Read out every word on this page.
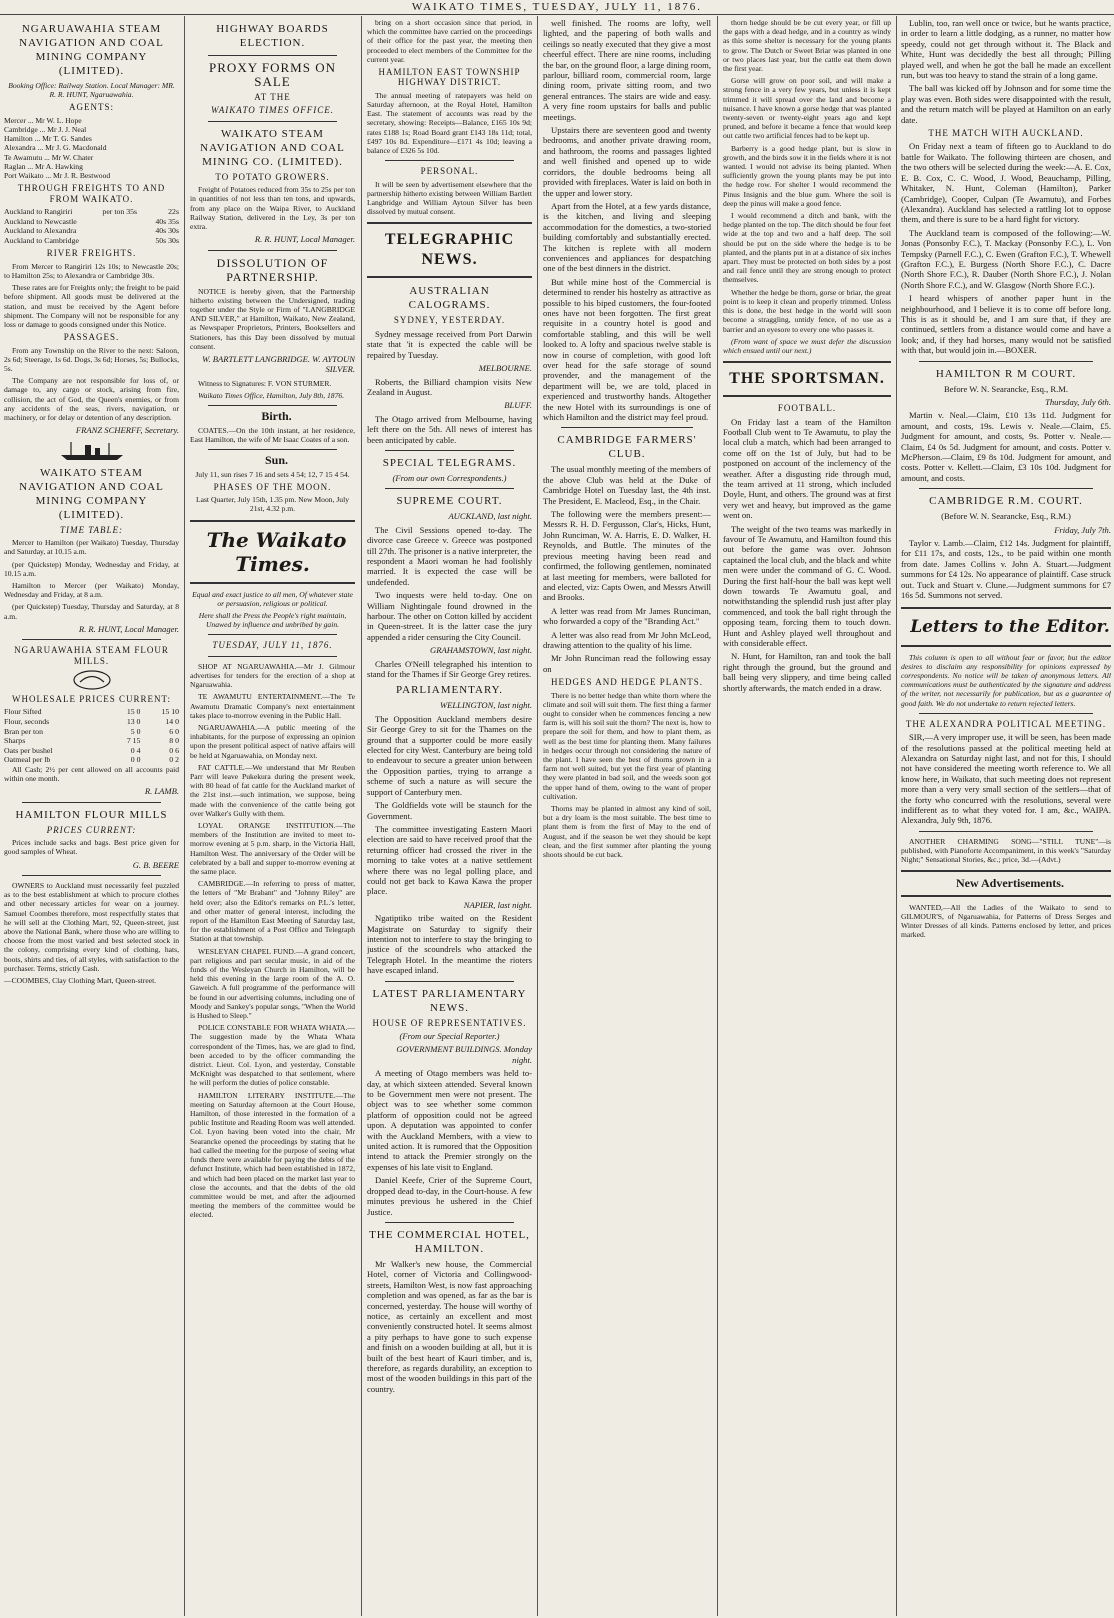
WAIKATO TIMES, TUESDAY, JULY 11, 1876.

NGARUAWAHIA STEAM NAVIGATION AND COAL MINING COMPANY (LIMITED).

Booking Office: Railway Station. Local Manager: MR. R. R. HUNT, Ngaruawahia.

AGENTS:

Mercer ... Mr W. L. Hope
Cambridge ... Mr J. J. Neal
Hamilton ... Mr T. G. Sandes
Alexandra ... Mr J. G. Macdonald
Te Awamutu ... Mr W. Chater
Raglan ... Mr A. Hawking
Port Waikato ... Mr J. R. Bestwood

THROUGH FREIGHTS TO AND FROM WAIKATO.

Auckland to Rangiriri	per ton 35s	22s
Auckland to Newcastle		40s 35s
Auckland to Alexandra		40s 30s
Auckland to Cambridge		50s 30s

RIVER FREIGHTS.

From Mercer to Rangiriri 12s 10s; to Newcastle 20s; to Hamilton 25s; to Alexandra or Cambridge 30s.

These rates are for Freights only; the freight to be paid before shipment. All goods must be delivered at the station, and must be received by the Agent before shipment. The Company will not be responsible for any loss or damage to goods consigned under this Notice.

PASSAGES.

From any Township on the River to the next: Saloon, 2s 6d; Steerage, 1s 6d. Dogs, 3s 6d; Horses, 5s; Bullocks, 5s.

The Company are not responsible for loss of, or damage to, any cargo or stock, arising from fire, collision, the act of God, the Queen's enemies, or from any accidents of the seas, rivers, navigation, or machinery, or for delay or detention of any description.

FRANZ SCHERFF, Secretary.

WAIKATO STEAM NAVIGATION AND COAL MINING COMPANY (LIMITED).

TIME TABLE:

Mercer to Hamilton (per Waikato) Tuesday, Thursday and Saturday, at 10.15 a.m.

(per Quickstep) Monday, Wednesday and Friday, at 10.15 a.m.

Hamilton to Mercer (per Waikato) Monday, Wednesday and Friday, at 8 a.m.

(per Quickstep) Tuesday, Thursday and Saturday, at 8 a.m.

R. R. HUNT, Local Manager.

NGARUAWAHIA STEAM FLOUR MILLS.

WHOLESALE PRICES CURRENT:

Flour Sifted	15 0	15 10
Flour, seconds	13 0	14 0
Bran per ton	5 0	6 0
Sharps	7 15	8 0
Oats per bushel	0 4	0 6
Oatmeal per lb	0 0	0 2

All Cash; 2½ per cent allowed on all accounts paid within one month.

R. LAMB.

HAMILTON FLOUR MILLS

PRICES CURRENT:

Prices include sacks and bags. Best price given for good samples of Wheat.

G. B. BEERE

OWNERS to Auckland must necessarily feel puzzled as to the best establishment at which to procure clothes and other necessary articles for wear on a journey. Samuel Coombes therefore, most respectfully states that he will sell at the Clothing Mart, 92, Queen-street, just above the National Bank, where those who are willing to choose from the most varied and best selected stock in the colony, comprising every kind of clothing, hats, boots, shirts and ties, of all styles, with satisfaction to the purchaser. Terms, strictly Cash.

—COOMBES, Clay Clothing Mart, Queen-street.

HIGHWAY BOARDS ELECTION.

PROXY FORMS ON SALE

AT THE

WAIKATO TIMES OFFICE.

WAIKATO STEAM NAVIGATION AND COAL MINING CO. (LIMITED).

TO POTATO GROWERS.

Freight of Potatoes reduced from 35s to 25s per ton in quantities of not less than ten tons, and upwards, from any place on the Waipa River, to Auckland Railway Station, delivered in the Ley, 3s per ton extra.

R. R. HUNT, Local Manager.

DISSOLUTION OF PARTNERSHIP.

NOTICE is hereby given, that the Partnership hitherto existing between the Undersigned, trading together under the Style or Firm of "LANGBRIDGE AND SILVER," at Hamilton, Waikato, New Zealand, as Newspaper Proprietors, Printers, Booksellers and Stationers, has this Day been dissolved by mutual consent.

W. BARTLETT LANGBRIDGE. W. AYTOUN SILVER.

Witness to Signatures: F. VON STURMER.

Waikato Times Office, Hamilton, July 8th, 1876.

Birth.

COATES.—On the 10th instant, at her residence, East Hamilton, the wife of Mr Isaac Coates of a son.

Sun.

July 11, sun rises 7 16 and sets 4 54; 12, 7 15 4 54.

PHASES OF THE MOON.

Last Quarter, July 15th, 1.35 pm. New Moon, July 21st, 4.32 p.m.

The Waikato Times.

Equal and exact justice to all men, Of whatever state or persuasion, religious or political.

Here shall the Press the People's right maintain, Unawed by influence and unbribed by gain.

TUESDAY, JULY 11, 1876.

SHOP AT NGARUAWAHIA.—Mr J. Gilmour advertises for tenders for the erection of a shop at Ngaruawahia.

TE AWAMUTU ENTERTAINMENT.—The Te Awamutu Dramatic Company's next entertainment takes place to-morrow evening in the Public Hall.

NGARUAWAHIA.—A public meeting of the inhabitants, for the purpose of expressing an opinion upon the present political aspect of native affairs will be held at Ngaruawahia, on Monday next.

FAT CATTLE.—We understand that Mr Reuben Parr will leave Pukekura during the present week, with 80 head of fat cattle for the Auckland market of the 21st inst.—such intimation, we suppose, being made with the convenience of the cattle being got over Walker's Gully with them.

LOYAL ORANGE INSTITUTION.—The members of the Institution are invited to meet to-morrow evening at 5 p.m. sharp, in the Victoria Hall, Hamilton West. The anniversary of the Order will be celebrated by a ball and supper to-morrow evening at the same place.

CAMBRIDGE.—In referring to press of matter, the letters of "Mr Brabant" and "Johnny Riley" are held over; also the Editor's remarks on P.L.'s letter, and other matter of general interest, including the report of the Hamilton East Meeting of Saturday last, for the establishment of a Post Office and Telegraph Station at that township.

WESLEYAN CHAPEL FUND.—A grand concert, part religious and part secular music, in aid of the funds of the Wesleyan Church in Hamilton, will be held this evening in the large room of the A. O. Gaweich. A full programme of the performance will be found in our advertising columns, including one of Moody and Sankey's popular songs, "When the World is Hushed to Sleep."

POLICE CONSTABLE FOR WHATA WHATA.—The suggestion made by the Whata Whata correspondent of the Times, has, we are glad to find, been acceded to by the officer commanding the district. Lieut. Col. Lyon, and yesterday, Constable McKnight was despatched to that settlement, where he will perform the duties of police constable.

HAMILTON LITERARY INSTITUTE.—The meeting on Saturday afternoon at the Court House, Hamilton, of those interested in the formation of a public Institute and Reading Room was well attended. Col. Lyon having been voted into the chair, Mr Searancke opened the proceedings by stating that he had called the meeting for the purpose of seeing what funds there were available for paying the debts of the defunct Institute, which had been established in 1872, and which had been placed on the market last year to close the accounts, and that the debts of the old committee would be met, and after the adjourned meeting the members of the committee would be elected.

bring on a short occasion since that period, in which the committee have carried on the proceedings of their office for the past year, the meeting then proceeded to elect members of the Committee for the current year.

HAMILTON EAST TOWNSHIP HIGHWAY DISTRICT.

The annual meeting of ratepayers was held on Saturday afternoon, at the Royal Hotel, Hamilton East. The statement of accounts was read by the secretary, showing: Receipts—Balance, £165 10s 9d; rates £188 1s; Road Board grant £143 18s 11d; total, £497 10s 8d. Expenditure—£171 4s 10d; leaving a balance of £326 5s 10d.

PERSONAL.

It will be seen by advertisement elsewhere that the partnership hitherto existing between William Bartlett Langbridge and William Aytoun Silver has been dissolved by mutual consent.

TELEGRAPHIC NEWS.

AUSTRALIAN CALOGRAMS.

SYDNEY, YESTERDAY.

Sydney message received from Port Darwin state that 'it is expected the cable will be repaired by Tuesday.

MELBOURNE.

Roberts, the Billiard champion visits New Zealand in August.

BLUFF.

The Otago arrived from Melbourne, having left there on the 5th. All news of interest has been anticipated by cable.

SPECIAL TELEGRAMS.

(From our own Correspondents.)

SUPREME COURT.

AUCKLAND, last night.

The Civil Sessions opened to-day. The divorce case Greece v. Greece was postponed till 27th. The prisoner is a native interpreter, the respondent a Maori woman he had foolishly married. It is expected the case will be undefended.

Two inquests were held to-day. One on William Nightingale found drowned in the harbour. The other on Cotton killed by accident in Queen-street. It is the latter case the jury appended a rider censuring the City Council.

GRAHAMSTOWN, last night.

Charles O'Neill telegraphed his intention to stand for the Thames if Sir George Grey retires.

PARLIAMENTARY.

WELLINGTON, last night.

The Opposition Auckland members desire Sir George Grey to sit for the Thames on the ground that a supporter could be more easily elected for city West. Canterbury are being told to endeavour to secure a greater union between the Opposition parties, trying to arrange a scheme of such a nature as will secure the support of Canterbury men.

The Goldfields vote will be staunch for the Government.

The committee investigating Eastern Maori election are said to have received proof that the returning officer had crossed the river in the morning to take votes at a native settlement where there was no legal polling place, and could not get back to Kawa Kawa the proper place.

NAPIER, last night.

Ngatiptiko tribe waited on the Resident Magistrate on Saturday to signify their intention not to interfere to stay the bringing to justice of the scoundrels who attacked the Telegraph Hotel. In the meantime the rioters have escaped inland.

LATEST PARLIAMENTARY NEWS.

HOUSE OF REPRESENTATIVES.

(From our Special Reporter.)

GOVERNMENT BUILDINGS. Monday night.

A meeting of Otago members was held to-day, at which sixteen attended. Several known to be Government men were not present. The object was to see whether some common platform of opposition could not be agreed upon. A deputation was appointed to confer with the Auckland Members, with a view to united action. It is rumored that the Opposition intend to attack the Premier strongly on the expenses of his late visit to England.

Daniel Keefe, Crier of the Supreme Court, dropped dead to-day, in the Court-house. A few minutes previous he ushered in the Chief Justice.

THE COMMERCIAL HOTEL, HAMILTON.

Mr Walker's new house, the Commercial Hotel, corner of Victoria and Collingwood-streets, Hamilton West, is now fast approaching completion and was opened, as far as the bar is concerned, yesterday. The house will worthy of notice, as certainly an excellent and most conveniently constructed hotel. It seems almost a pity perhaps to have gone to such expense and finish on a wooden building at all, but it is built of the best heart of Kauri timber, and is, therefore, as regards durability, an exception to most of the wooden buildings in this part of the country.

well finished. The rooms are lofty, well lighted, and the papering of both walls and ceilings so neatly executed that they give a most cheerful effect. There are nine rooms, including the bar, on the ground floor, a large dining room, parlour, billiard room, commercial room, large dining room, private sitting room, and two general entrances. The stairs are wide and easy. A very fine room upstairs for balls and public meetings.

Upstairs there are seventeen good and twenty bedrooms, and another private drawing room, and bathroom, the rooms and passages lighted and well finished and opened up to wide corridors, the double bedrooms being all provided with fireplaces. Water is laid on both in the upper and lower story.

Apart from the Hotel, at a few yards distance, is the kitchen, and living and sleeping accommodation for the domestics, a two-storied building comfortably and substantially erected. The kitchen is replete with all modern conveniences and appliances for despatching one of the best dinners in the district.

But while mine host of the Commercial is determined to render his hostelry as attractive as possible to his biped customers, the four-footed ones have not been forgotten. The first great requisite in a country hotel is good and comfortable stabling, and this will be well looked to. A lofty and spacious twelve stable is now in course of completion, with good loft over head for the safe storage of sound provender, and the management of the department will be, we are told, placed in experienced and trustworthy hands. Altogether the new Hotel with its surroundings is one of which Hamilton and the district may feel proud.

CAMBRIDGE FARMERS' CLUB.

The usual monthly meeting of the members of the above Club was held at the Duke of Cambridge Hotel on Tuesday last, the 4th inst. The President, E. Macleod, Esq., in the Chair.

The following were the members present:—Messrs R. H. D. Fergusson, Clar's, Hicks, Hunt, John Runciman, W. A. Harris, E. D. Walker, H. Reynolds, and Buttle. The minutes of the previous meeting having been read and confirmed, the following gentlemen, nominated at last meeting for members, were balloted for and elected, viz: Capts Owen, and Messrs Atwill and Brooks.

A letter was read from Mr James Runciman, who forwarded a copy of the "Branding Act."

A letter was also read from Mr John McLeod, drawing attention to the quality of his lime.

Mr John Runciman read the following essay on

HEDGES AND HEDGE PLANTS.

There is no better hedge than white thorn where the climate and soil will suit them. The first thing a farmer ought to consider when he commences fencing a new farm is, will his soil suit the thorn? The next is, how to prepare the soil for them, and how to plant them, as well as the best time for planting them. Many failures in hedges occur through not considering the nature of the plant. I have seen the best of thorns grown in a farm not well suited, but yet the first year of planting they were planted in bad soil, and the weeds soon got the upper hand of them, owing to the want of proper cultivation.

Thorns may be planted in almost any kind of soil, but a dry loam is the most suitable. The best time to plant them is from the first of May to the end of August, and if the season be wet they should be kept clean, and the first summer after planting the young shoots should be cut back.

thorn hedge should be be cut every year, or fill up the gaps with a dead hedge, and in a country as windy as this some shelter is necessary for the young plants to grow. The Dutch or Sweet Briar was planted in one or two places last year, but the cattle eat them down the first year.

Gorse will grow on poor soil, and will make a strong fence in a very few years, but unless it is kept trimmed it will spread over the land and become a nuisance. I have known a gorse hedge that was planted twenty-seven or twenty-eight years ago and kept pruned, and before it became a fence that would keep out cattle two artificial fences had to be kept up.

Barberry is a good hedge plant, but is slow in growth, and the birds sow it in the fields where it is not wanted. I would not advise its being planted. When sufficiently grown the young plants may be put into the hedge row. For shelter I would recommend the Pinus Insignis and the blue gum. Where the soil is deep the pinus will make a good fence.

I would recommend a ditch and bank, with the hedge planted on the top. The ditch should be four feet wide at the top and two and a half deep. The soil should be put on the side where the hedge is to be planted, and the plants put in at a distance of six inches apart. They must be protected on both sides by a post and rail fence until they are strong enough to protect themselves.

Whether the hedge be thorn, gorse or briar, the great point is to keep it clean and properly trimmed. Unless this is done, the best hedge in the world will soon become a straggling, untidy fence, of no use as a barrier and an eyesore to every one who passes it.

(From want of space we must defer the discussion which ensued until our next.)

THE SPORTSMAN.

FOOTBALL.

On Friday last a team of the Hamilton Football Club went to Te Awamutu, to play the local club a match, which had been arranged to come off on the 1st of July, but had to be postponed on account of the inclemency of the weather. After a disgusting ride through mud, the team arrived at 11 strong, which included Doyle, Hunt, and others. The ground was at first very wet and heavy, but improved as the game went on.

The weight of the two teams was markedly in favour of Te Awamutu, and Hamilton found this out before the game was over. Johnson captained the local club, and the black and white men were under the command of G. C. Wood. During the first half-hour the ball was kept well down towards Te Awamutu goal, and notwithstanding the splendid rush just after play commenced, and took the ball right through the opposing team, forcing them to touch down. Hunt and Ashley played well throughout and with considerable effect.

N. Hunt, for Hamilton, ran and took the ball right through the ground, but the ground and ball being very slippery, and time being called shortly afterwards, the match ended in a draw.

Lublin, too, ran well once or twice, but he wants practice, in order to learn a little dodging, as a runner, no matter how speedy, could not get through without it. The Black and White, Hunt was decidedly the best all through; Pilling played well, and when he got the ball he made an excellent run, but was too heavy to stand the strain of a long game.

The ball was kicked off by Johnson and for some time the play was even. Both sides were disappointed with the result, and the return match will be played at Hamilton on an early date.

THE MATCH WITH AUCKLAND.

On Friday next a team of fifteen go to Auckland to do battle for Waikato. The following thirteen are chosen, and the two others will be selected during the week:—A. E. Cox, E. B. Cox, C. C. Wood, J. Wood, Beauchamp, Pilling, Whitaker, N. Hunt, Coleman (Hamilton), Parker (Cambridge), Cooper, Culpan (Te Awamutu), and Forbes (Alexandra). Auckland has selected a rattling lot to oppose them, and there is sure to be a hard fight for victory.

The Auckland team is composed of the following:—W. Jonas (Ponsonby F.C.), T. Mackay (Ponsonby F.C.), L. Von Tempsky (Parnell F.C.), C. Ewen (Grafton F.C.), T. Whewell (Grafton F.C.), E. Burgess (North Shore F.C.), C. Dacre (North Shore F.C.), R. Dauber (North Shore F.C.), J. Nolan (North Shore F.C.), and W. Glasgow (North Shore F.C.).

I heard whispers of another paper hunt in the neighbourhood, and I believe it is to come off before long. This is as it should be, and I am sure that, if they are continued, settlers from a distance would come and have a look; and, if they had horses, many would not be satisfied with that, but would join in.—BOXER.

HAMILTON R M COURT.

Before W. N. Searancke, Esq., R.M.

Thursday, July 6th.

Martin v. Neal.—Claim, £10 13s 11d. Judgment for amount, and costs, 19s. Lewis v. Neale.—Claim, £5. Judgment for amount, and costs, 9s. Potter v. Neale.—Claim, £4 0s 5d. Judgment for amount, and costs. Potter v. McPherson.—Claim, £9 8s 10d. Judgment for amount, and costs. Potter v. Kellett.—Claim, £3 10s 10d. Judgment for amount, and costs.

CAMBRIDGE R.M. COURT.

(Before W. N. Searancke, Esq., R.M.)

Friday, July 7th.

Taylor v. Lamb.—Claim, £12 14s. Judgment for plaintiff, for £11 17s, and costs, 12s., to be paid within one month from date. James Collins v. John A. Stuart.—Judgment summons for £4 12s. No appearance of plaintiff. Case struck out. Tuck and Stuart v. Clune.—Judgment summons for £7 16s 5d. Summons not served.

Letters to the Editor.

This column is open to all without fear or favor, but the editor desires to disclaim any responsibility for opinions expressed by correspondents. No notice will be taken of anonymous letters. All communications must be authenticated by the signature and address of the writer, not necessarily for publication, but as a guarantee of good faith. We do not undertake to return rejected letters.

THE ALEXANDRA POLITICAL MEETING.

SIR,—A very improper use, it will be seen, has been made of the resolutions passed at the political meeting held at Alexandra on Saturday night last, and not for this, I should not have considered the meeting worth reference to. We all know here, in Waikato, that such meeting does not represent more than a very very small section of the settlers—that of the forty who concurred with the resolutions, several were indifferent as to what they voted for. I am, &c., WAIPA. Alexandra, July 9th, 1876.

ANOTHER CHARMING SONG—"STILL TUNE"—is published, with Pianoforte Accompaniment, in this week's "Saturday Night;" Sensational Stories, &c.; price, 3d.—(Advt.)

New Advertisements.

WANTED,—All the Ladies of the Waikato to send to GILMOUR'S, of Ngaruawahia, for Patterns of Dress Serges and Winter Dresses of all kinds. Patterns enclosed by letter, and prices marked.
